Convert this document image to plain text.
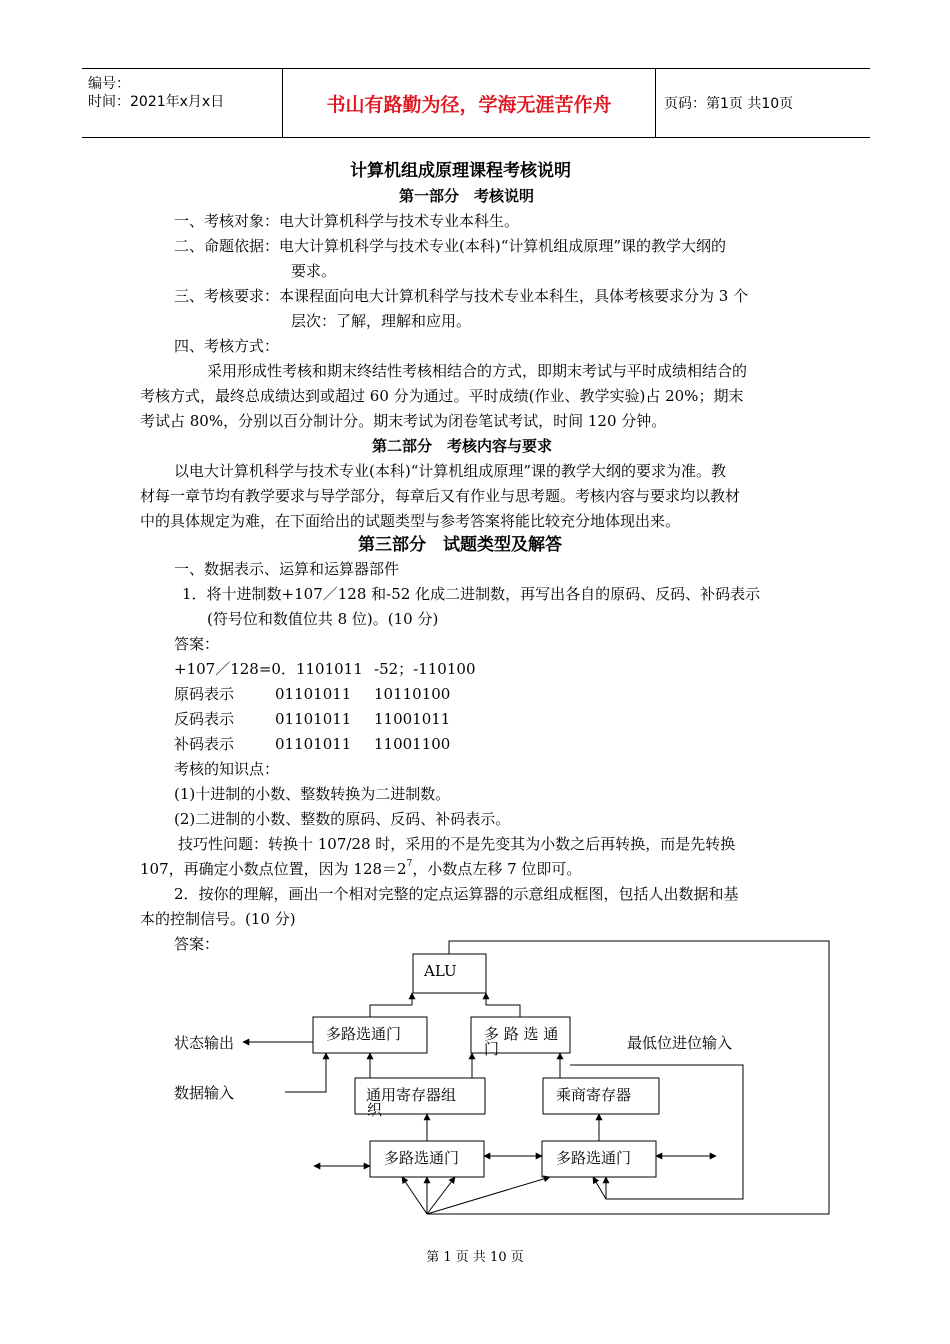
编号：
时间：2021年x月x日	书山有路勤为径，学海无涯苦作舟	页码：第1页 共10页
计算机组成原理课程考核说明
第一部分　考核说明
一、考核对象：电大计算机科学与技术专业本科生。
二、命题依据：电大计算机科学与技术专业(本科)“计算机组成原理”课的教学大纲的
要求。
三、考核要求：本课程面向电大计算机科学与技术专业本科生，具体考核要求分为 3 个
层次：了解，理解和应用。
四、考核方式：
采用形成性考核和期末终结性考核相结合的方式，即期末考试与平时成绩相结合的
考核方式，最终总成绩达到或超过 60 分为通过。平时成绩(作业、教学实验)占 20%；期末
考试占 80%，分别以百分制计分。期末考试为闭卷笔试考试，时间 120 分钟。
第二部分　考核内容与要求
以电大计算机科学与技术专业(本科)“计算机组成原理”课的教学大纲的要求为准。教
材每一章节均有教学要求与导学部分，每章后又有作业与思考题。考核内容与要求均以教材
中的具体规定为难，在下面给出的试题类型与参考答案将能比较充分地体现出来。
第三部分　试题类型及解答
一、数据表示、运算和运算器部件
1．将十进制数+107／128 和-52 化成二进制数，再写出各自的原码、反码、补码表示
(符号位和数值位共 8 位)。(10 分)
答案：
+107／128=0．1101011 -52；-110100
原码表示	01101011 10110100
反码表示	01101011 11001011
补码表示	01101011 11001100
考核的知识点：
(1)十进制的小数、整数转换为二进制数。
(2)二进制的小数、整数的原码、反码、补码表示。
技巧性问题：转换十 107/28 时，采用的不是先变其为小数之后再转换，而是先转换
107，再确定小数点位置，因为 $128=2^7$，小数点左移 7 位即可。
2．按你的理解，画出一个相对完整的定点运算器的示意组成框图，包括人出数据和基
本的控制信号。(10 分)
答案：
ALU
多路选通门	多 路 选 通
门
通用寄存器组
织
乘商寄存器
多路选通门	多路选通门
状态输出
数据输入
最低位进位输入
第 1 页 共 10 页
